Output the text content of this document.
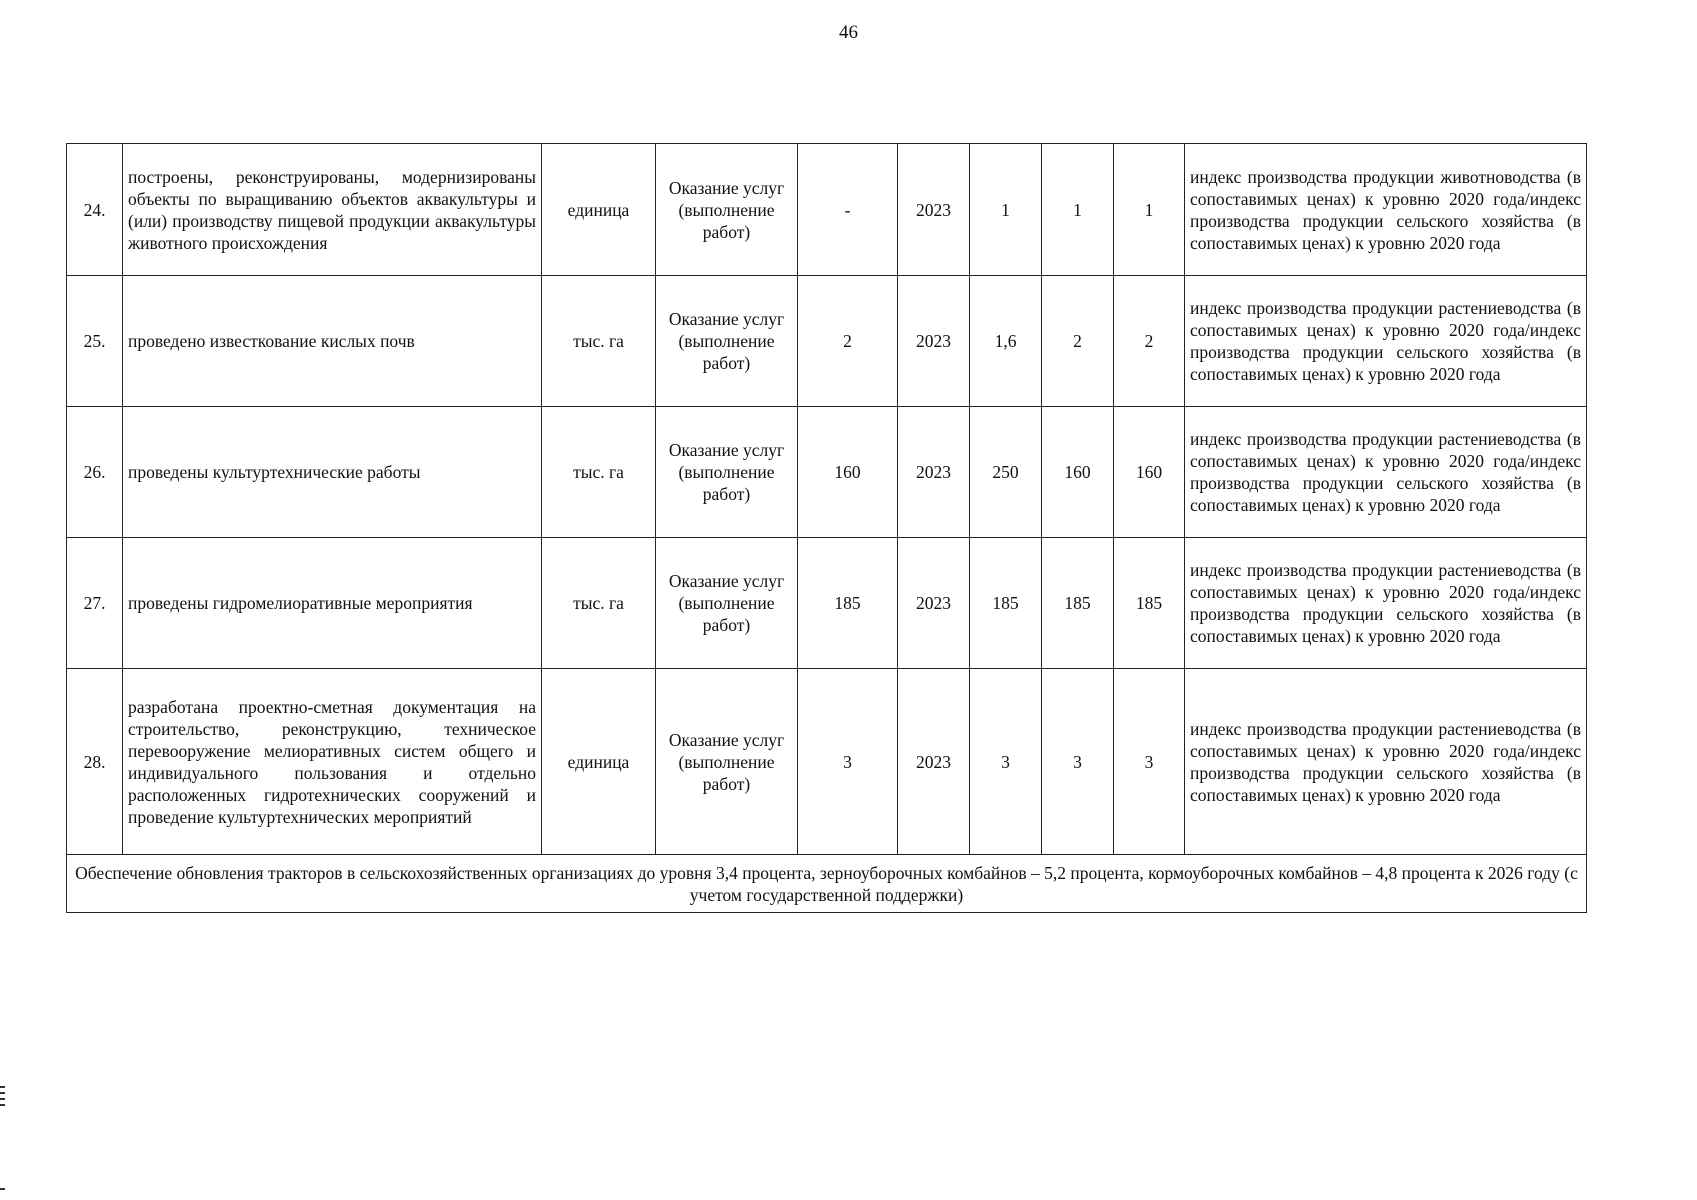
46
24.	построены, реконструированы, модернизированы объекты по выращиванию объектов аквакультуры и (или) производству пищевой продукции аквакультуры животного происхождения	единица	Оказание услуг (выполнение работ)	-	2023	1	1	1	индекс производства продукции животноводства (в сопоставимых ценах) к уровню 2020 года/индекс производства продукции сельского хозяйства (в сопоставимых ценах) к уровню 2020 года
25.	проведено известкование кислых почв	тыс. га	Оказание услуг (выполнение работ)	2	2023	1,6	2	2	индекс производства продукции растениеводства (в сопоставимых ценах) к уровню 2020 года/индекс производства продукции сельского хозяйства (в сопоставимых ценах) к уровню 2020 года
26.	проведены культуртехнические работы	тыс. га	Оказание услуг (выполнение работ)	160	2023	250	160	160	индекс производства продукции растениеводства (в сопоставимых ценах) к уровню 2020 года/индекс производства продукции сельского хозяйства (в сопоставимых ценах) к уровню 2020 года
27.	проведены гидромелиоративные мероприятия	тыс. га	Оказание услуг (выполнение работ)	185	2023	185	185	185	индекс производства продукции растениеводства (в сопоставимых ценах) к уровню 2020 года/индекс производства продукции сельского хозяйства (в сопоставимых ценах) к уровню 2020 года
28.	разработана проектно-сметная документация на строительство, реконструкцию, техническое перевооружение мелиоративных систем общего и индивидуального пользования и отдельно расположенных гидротехнических сооружений и проведение культуртехнических мероприятий	единица	Оказание услуг (выполнение работ)	3	2023	3	3	3	индекс производства продукции растениеводства (в сопоставимых ценах) к уровню 2020 года/индекс производства продукции сельского хозяйства (в сопоставимых ценах) к уровню 2020 года
Обеспечение обновления тракторов в сельскохозяйственных организациях до уровня 3,4 процента, зерноуборочных комбайнов – 5,2 процента, кормоуборочных комбайнов – 4,8 процента к 2026 году (с учетом государственной поддержки)									
